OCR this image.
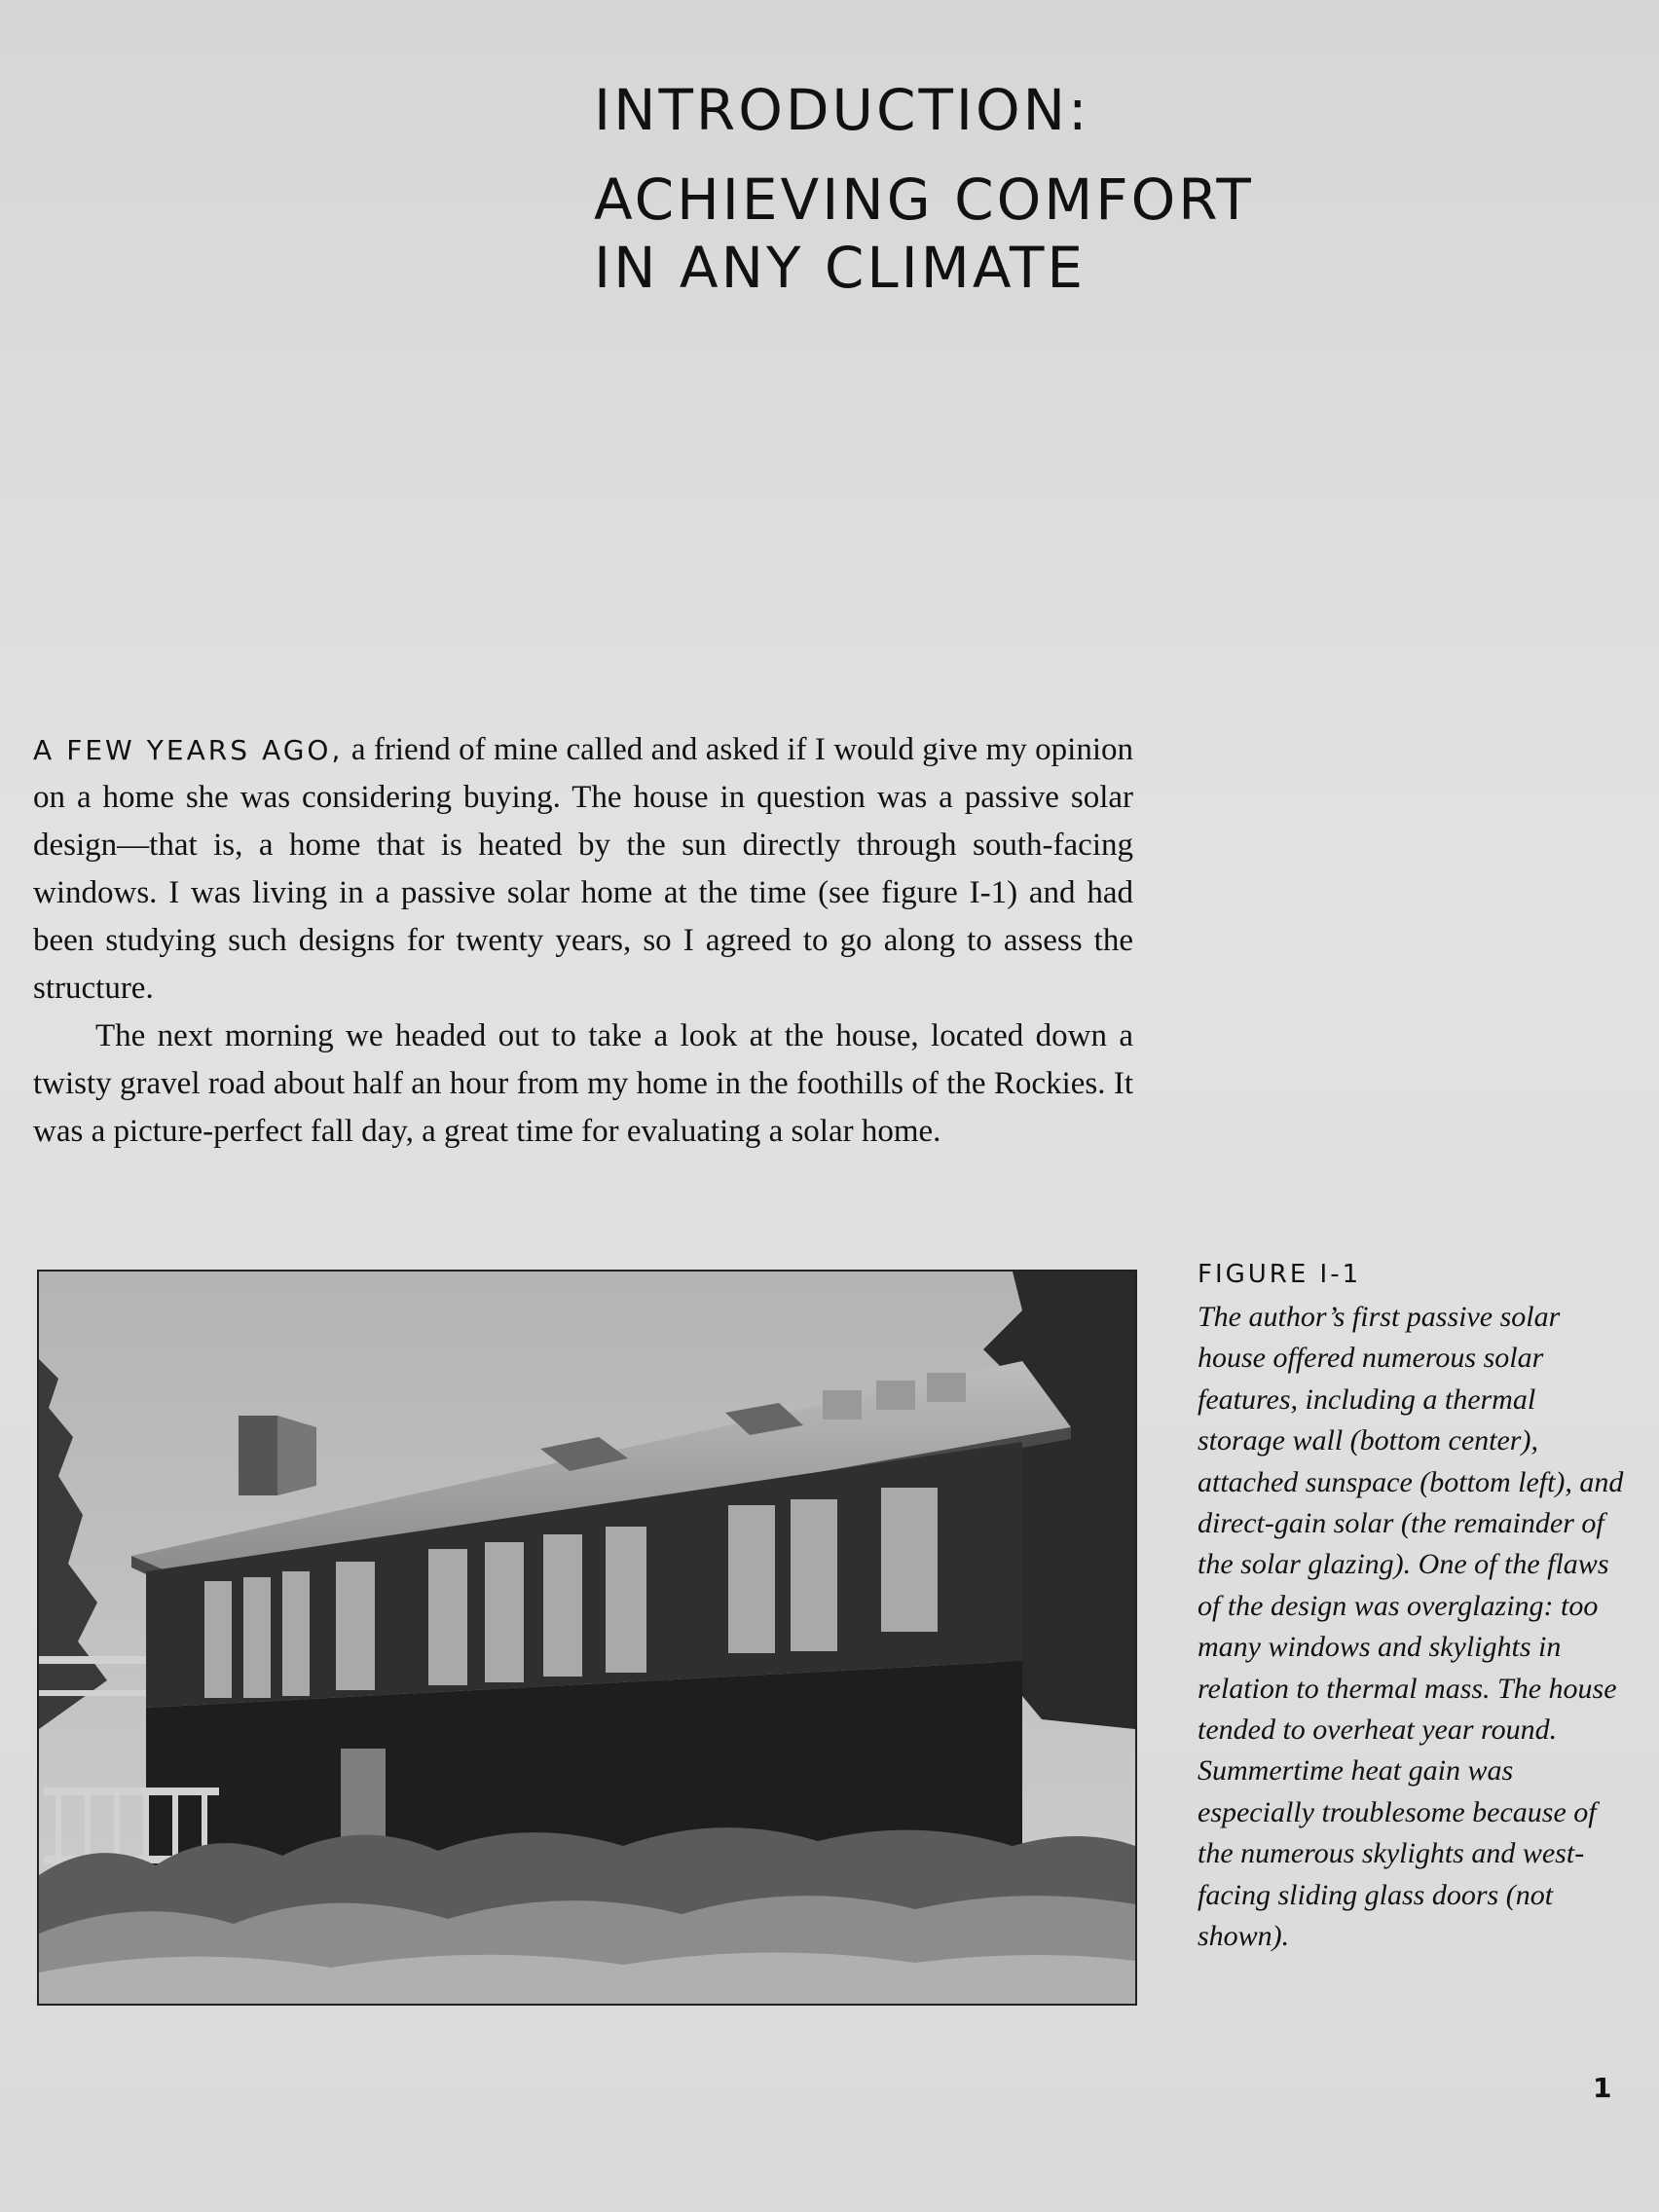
INTRODUCTION:
ACHIEVING COMFORT
IN ANY CLIMATE

A FEW YEARS AGO, a friend of mine called and asked if I would give my opinion on a home she was considering buying. The house in question was a passive solar design—that is, a home that is heated by the sun directly through south-facing windows. I was living in a passive solar home at the time (see figure I-1) and had been studying such designs for twenty years, so I agreed to go along to assess the structure.

The next morning we headed out to take a look at the house, located down a twisty gravel road about half an hour from my home in the foothills of the Rockies. It was a picture-perfect fall day, a great time for evaluating a solar home.

FIGURE I-1
The author’s first passive solar house offered numerous solar features, including a thermal storage wall (bottom center), attached sunspace (bottom left), and direct-gain solar (the remainder of the solar glazing). One of the flaws of the design was overglazing: too many windows and skylights in relation to thermal mass. The house tended to overheat year round. Summertime heat gain was especially troublesome because of the numerous skylights and west-facing sliding glass doors (not shown).
1
